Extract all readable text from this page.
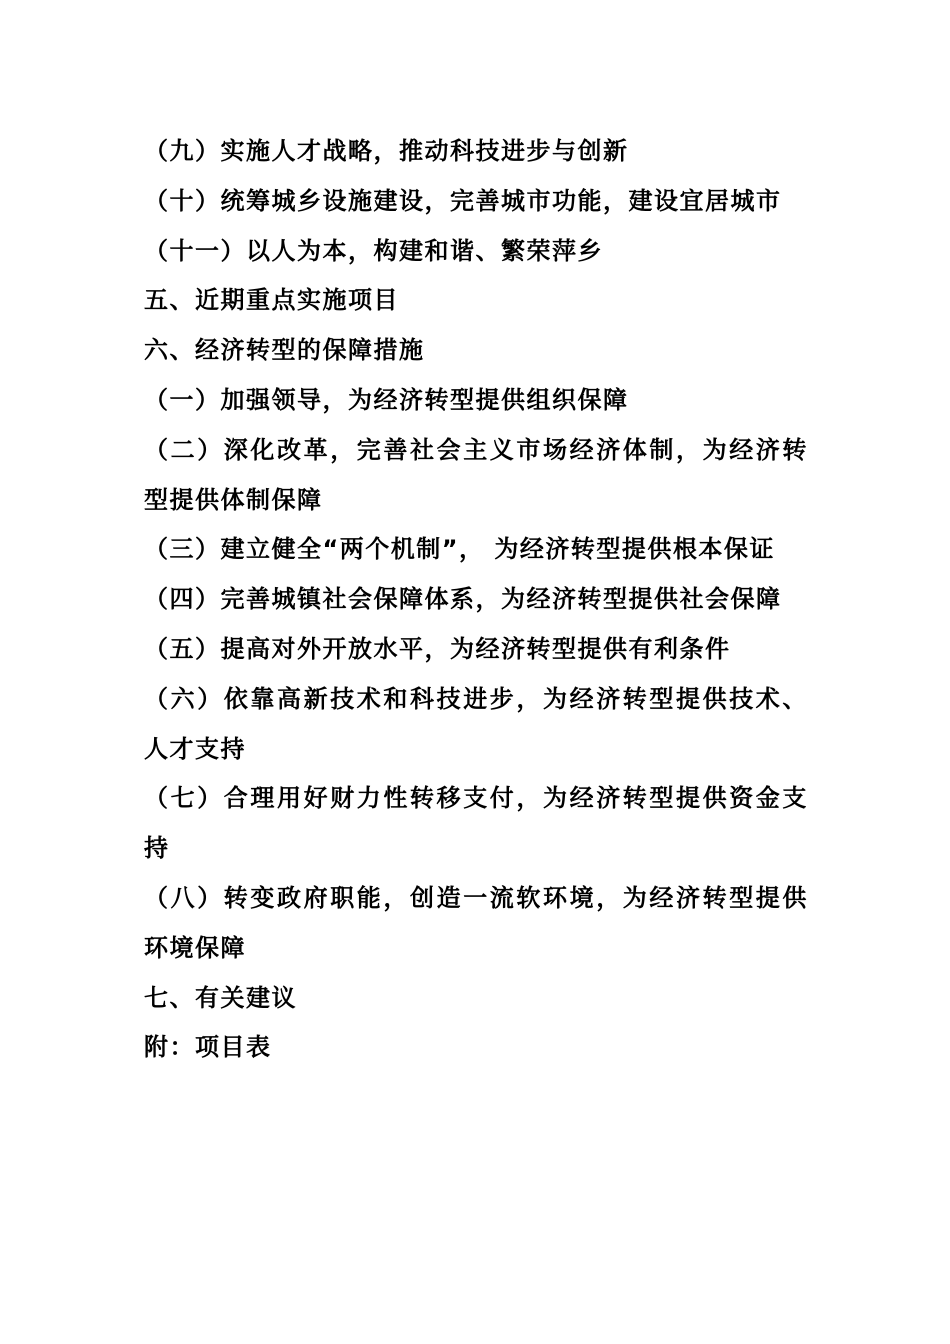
（九）实施人才战略，推动科技进步与创新
（十）统筹城乡设施建设，完善城市功能，建设宜居城市
（十一）以人为本，构建和谐、繁荣萍乡
五、近期重点实施项目
六、经济转型的保障措施
（一）加强领导，为经济转型提供组织保障
（二）深化改革，完善社会主义市场经济体制，为经济转
型提供体制保障
（三）建立健全“两个机制”， 为经济转型提供根本保证
（四）完善城镇社会保障体系，为经济转型提供社会保障
（五）提高对外开放水平，为经济转型提供有利条件
（六）依靠高新技术和科技进步，为经济转型提供技术、
人才支持
（七）合理用好财力性转移支付，为经济转型提供资金支
持
（八）转变政府职能，创造一流软环境，为经济转型提供
环境保障
七、有关建议
附：项目表
